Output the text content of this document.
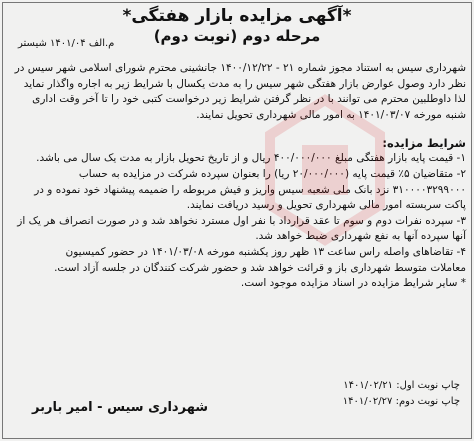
*آگهی مزایده بازار هفتگی*
مرحله دوم (نوبت دوم)
م.الف ۱۴۰۱/۰۴ شیستر
شهرداری سیس به استناد مجوز شماره ۲۱ - ۱۴۰۰/۱۲/۲۲ جانشینی محترم شورای اسلامی شهر سیس در
نظر دارد وصول عوارض بازار هفتگی شهر سیس را به مدت یکسال با شرایط زیر به اجاره واگذار نماید
لذا داوطلبین محترم می توانند با در نظر گرفتن شرایط زیر درخواست کتبی خود را تا آخر وقت اداری
شنبه مورخه ۱۴۰۱/۰۳/۰۷ به امور مالی شهرداری تحویل نمایند.
شرایط مزایده:
۱- قیمت پایه بازار هفتگی مبلغ ۴۰۰/۰۰۰/۰۰۰ ریال و از تاریخ تحویل بازار به مدت یک سال می باشد.
۲- متقاضیان ۵٪ قیمت پایه (۲۰/۰۰۰/۰۰۰ ریا) را بعنوان سپرده شرکت در مزایده به حساب
۳۱۰۰۰۰۳۲۹۹۰۰۰ نزد بانک ملی شعبه سیس واریز و فیش مربوطه را ضمیمه پیشنهاد خود نموده و در
پاکت سربسته امور مالی شهرداری تحویل و رسید دریافت نمایند.
۳- سپرده نفرات دوم و سوم تا عقد قرارداد با نفر اول مسترد نخواهد شد و در صورت انصراف هر یک از
آنها سپرده آنها به نفع شهرداری ضبط خواهد شد.
۴- تقاضاهای واصله راس ساعت ۱۳ ظهر روز یکشنبه مورخه ۱۴۰۱/۰۳/۰۸ در حضور کمیسیون
معاملات متوسط شهرداری باز و قرائت خواهد شد و حضور شرکت کنندگان در جلسه آزاد است.
* سایر شرایط مزایده در اسناد مزایده موجود است.
چاپ نوبت اول: ۱۴۰۱/۰۲/۲۱
چاپ نوبت دوم: ۱۴۰۱/۰۲/۲۷
شهرداری سیس - امیر باربر
